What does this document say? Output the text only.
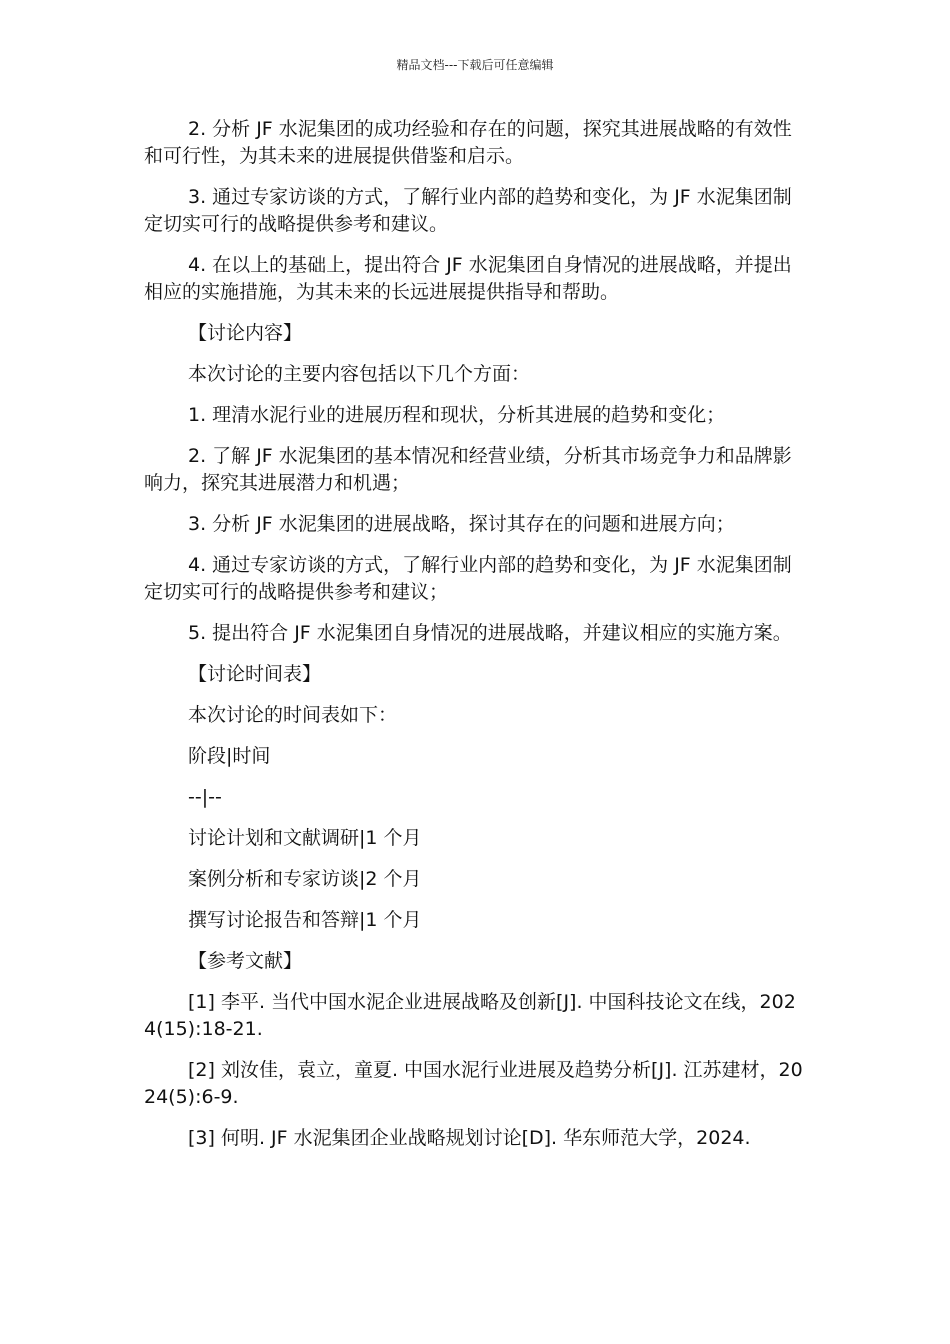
精品文档---下载后可任意编辑

2. 分析 JF 水泥集团的成功经验和存在的问题，探究其进展战略的有效性和可行性，为其未来的进展提供借鉴和启示。

3. 通过专家访谈的方式，了解行业内部的趋势和变化，为 JF 水泥集团制定切实可行的战略提供参考和建议。

4. 在以上的基础上，提出符合 JF 水泥集团自身情况的进展战略，并提出相应的实施措施，为其未来的长远进展提供指导和帮助。

【讨论内容】

本次讨论的主要内容包括以下几个方面：

1. 理清水泥行业的进展历程和现状，分析其进展的趋势和变化；

2. 了解 JF 水泥集团的基本情况和经营业绩，分析其市场竞争力和品牌影响力，探究其进展潜力和机遇；

3. 分析 JF 水泥集团的进展战略，探讨其存在的问题和进展方向；

4. 通过专家访谈的方式，了解行业内部的趋势和变化，为 JF 水泥集团制定切实可行的战略提供参考和建议；

5. 提出符合 JF 水泥集团自身情况的进展战略，并建议相应的实施方案。

【讨论时间表】

本次讨论的时间表如下：

阶段|时间

--|--

讨论计划和文献调研|1 个月

案例分析和专家访谈|2 个月

撰写讨论报告和答辩|1 个月

【参考文献】

[1] 李平. 当代中国水泥企业进展战略及创新[J]. 中国科技论文在线，2024(15):18-21.

[2] 刘汝佳，袁立，童夏. 中国水泥行业进展及趋势分析[J]. 江苏建材，2024(5):6-9.

[3] 何明. JF 水泥集团企业战略规划讨论[D]. 华东师范大学，2024.
